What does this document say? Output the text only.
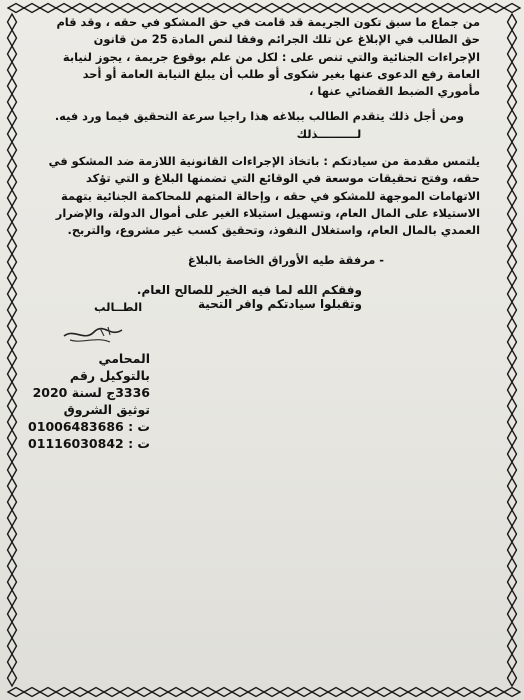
من جماع ما سبق تكون الجريمة قد قامت في حق المشكو في حقه ، وقد قام حق الطالب في الإبلاغ عن تلك الجرائم وفقا لنص المادة 25 من قانون الإجراءات الجنائية والتي تنص على : لكل من علم بوقوع جريمة ، يجوز لنيابة العامة رفع الدعوى عنها بغير شكوى أو طلب أن يبلغ النيابة العامة أو أحد مأموري الضبط القضائي عنها ،

ومن أجل ذلك يتقدم الطالب ببلاغه هذا راجيا سرعة التحقيق فيما ورد فيه.

لــــــــــذلك

يلتمس مقدمة من سيادتكم : باتخاذ الإجراءات القانونية اللازمة ضد المشكو في حقه، وفتح تحقيقات موسعة في الوقائع التي تضمنها البلاغ و التي تؤكد الاتهامات الموجهة للمشكو في حقه ، وإحالة المتهم للمحاكمة الجنائية بتهمة الاستيلاء على المال العام، وتسهيل استيلاء الغير على أموال الدولة، والإضرار العمدي بالمال العام، واستغلال النفوذ، وتحقيق كسب غير مشروع، والتربح.

- مرفقة طيه الأوراق الخاصة بالبلاغ

وفقكم الله لما فيه الخير للصالح العام.
وتقبلوا سيادتكم وافر التحية
الطــالب
المحامي
بالتوكيل رقم
3336ج لسنة 2020
توثيق الشروق
ت : 01006483686
ت : 01116030842
